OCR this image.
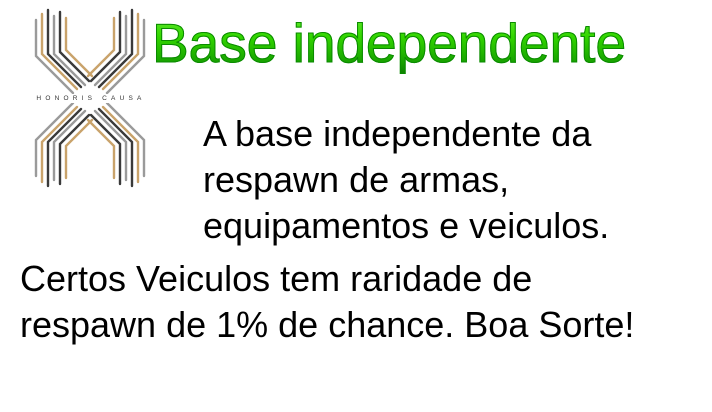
HONORIS CAUSA
Base independente
A base independente da
respawn de armas,
equipamentos e veiculos.
Certos Veiculos tem raridade de
respawn de 1% de chance. Boa Sorte!
